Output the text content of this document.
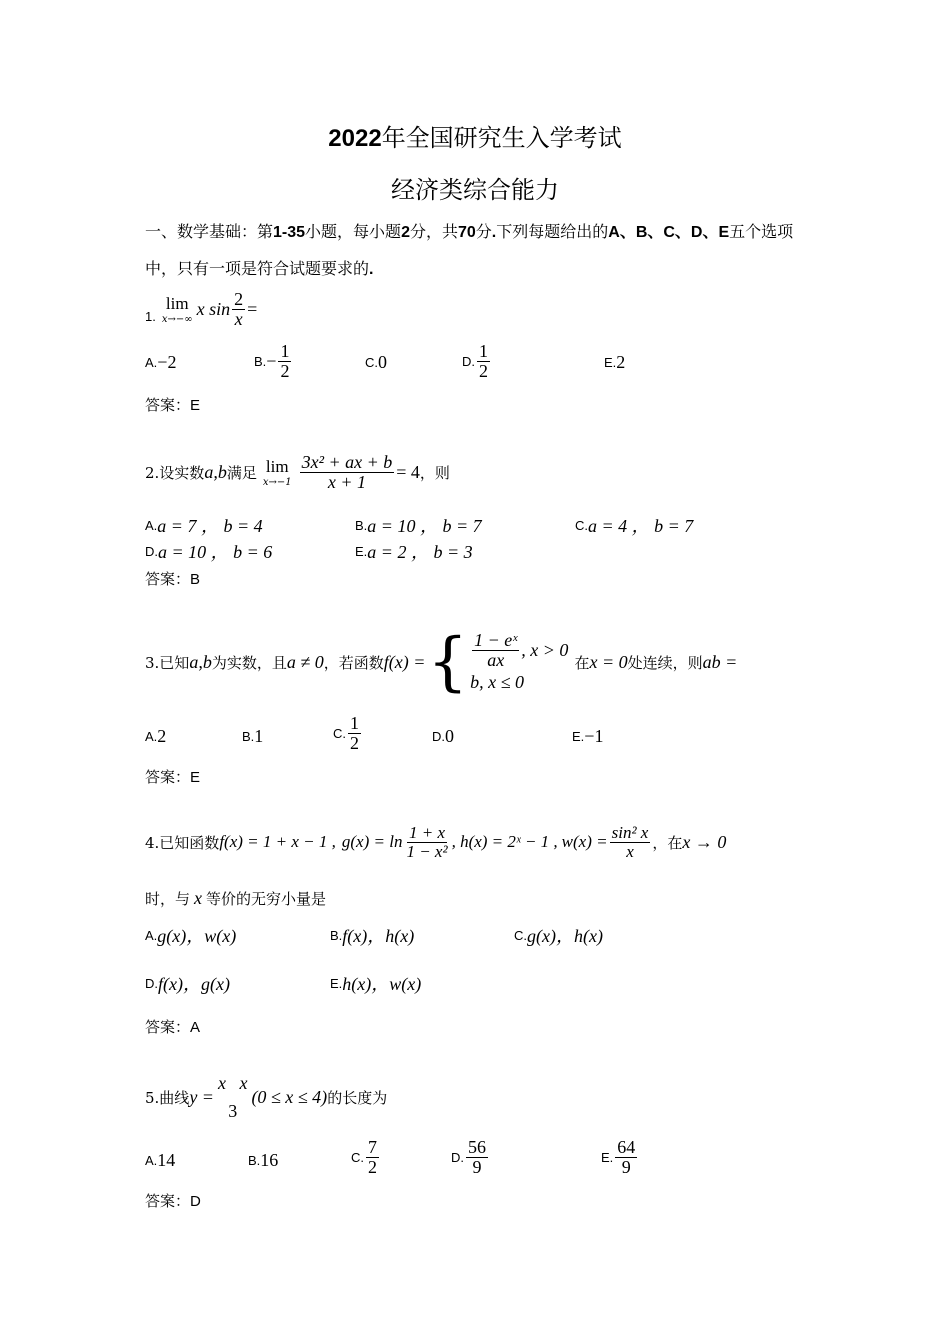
2022年全国研究生入学考试
经济类综合能力
一、数学基础：第1-35小题，每小题2分，共70分.下列每题给出的A、B、C、D、E五个选项中，只有一项是符合试题要求的.
1.
lim
x→−∞
x $\sin \frac{2}{x}$ =
A. −2	B. − $\frac{1}{2}$	C. 0	D. $\frac{1}{2}$	E. 2
答案：E
2.设实数 a,b 满足 lim
$x\to-1 \frac{\text{3x² + ax + b}}{x + 1} = 4$ ，则
A. a = 7 ， b = 4	B. a = 10 ， b = 7	C. a = 4 ， b = 7
D. a = 10 ， b = 6	E. a = 2 ， b = 3
答案：B
3.已知 a,b 为实数，且 a ≠ 0 ，若函数 f(x) = { $\frac{\text{1 − eˣ}}{ax}$ , x > 0
b, x ≤ 0
在 x = 0 处连续，则 ab =
A. 2	B. 1	C. $\frac{1}{2}$	D. 0	E. −1
答案：E
4.已知函数 f(x) = 1 + x − 1 , $g(x) = \ln \frac{1 + x}{\text{1 − x²}}$ , h(x) = 2ˣ − 1 , $w(x) = \frac{\text{sin² x}}{x}$ ，在 x → 0
时，与 x 等价的无穷小量是
A. g(x)，w(x)	B. f(x)，h(x)	C. g(x)，h(x)
D. f(x)，g(x)	E. h(x)，w(x)
答案：A
5.曲线 y =
x   x
3
(0 ≤ x ≤ 4) 的长度为
A. 14	B. 16	C. $\frac{7}{2}$	D. $\frac{56}{9}$	E. $\frac{64}{9}$
答案：D
